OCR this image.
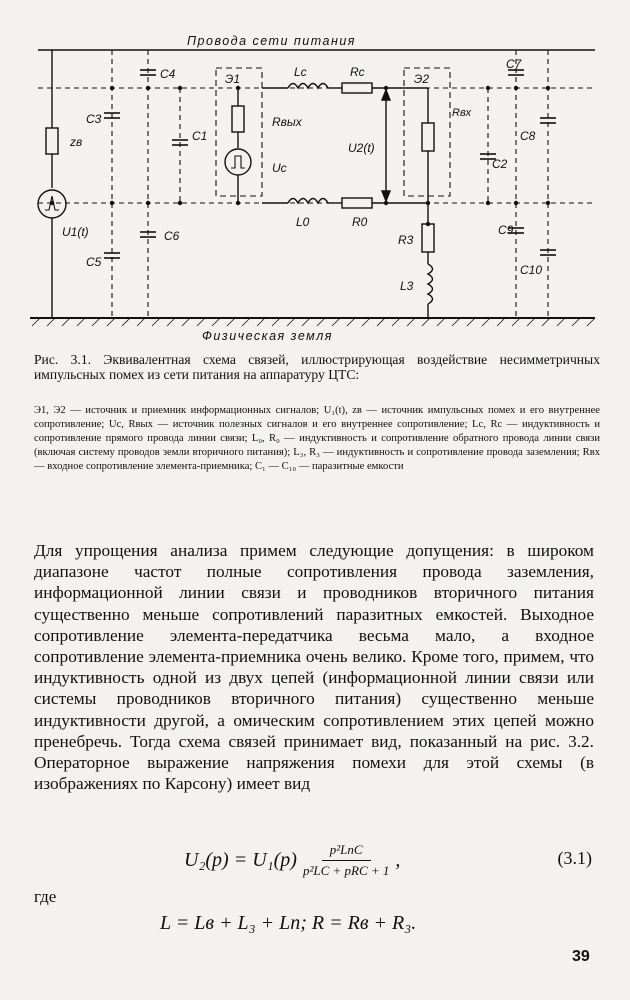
Провода сети питания
Физическая земля
C3
C4
C1
Э1	Lc	Rc
Rвых
Uc
U2(t)
Э2
Rвх
C7
C8
C2
zв
U1(t)
C5
C6
L0	R0
R3
C9
C10
L3
Рис. 3.1. Эквивалентная схема связей, иллюстрирующая воздействие несимметричных импульсных помех из сети питания на аппаратуру ЦТС:
Э1, Э2 — источник и приемник информационных сигналов; U₁(t), zв — источник импульсных помех и его внутреннее сопротивление; Uс, Rвых — источник полезных сигналов и его внутреннее сопротивление; Lс, Rс — индуктивность и сопротивление прямого провода линии связи; L₀, R₀ — индуктивность и сопротивление обратного провода линии связи (включая систему проводов земли вторичного питания); L₃, R₃ — индуктивность и сопротивление провода заземления; Rвх — входное сопротивление элемента-приемника; C₁ — C₁₀ — паразитные емкости
Для упрощения анализа примем следующие допущения: в широком диапазоне частот полные сопротивления провода заземления, информационной линии связи и проводников вторичного питания существенно меньше сопротивлений паразитных емкостей. Выходное сопротивление элемента-передатчика весьма мало, а входное сопротивление элемента-приемника очень велико. Кроме того, примем, что индуктивность одной из двух цепей (информационной линии связи или системы проводников вторичного питания) существенно меньше индуктивности другой, а омическим сопротивлением этих цепей можно пренебречь. Тогда схема связей принимает вид, показанный на рис. 3.2. Операторное выражение напряжения помехи для этой схемы (в изображениях по Карсону) имеет вид
$U_2(p) = U_1(p) \frac{\text{p²LпC}}{\text{p²LC + pRC + 1}}$ ,	(3.1)
где
L = Lв + L₃ + Lп; R = Rв + R₃.
39
